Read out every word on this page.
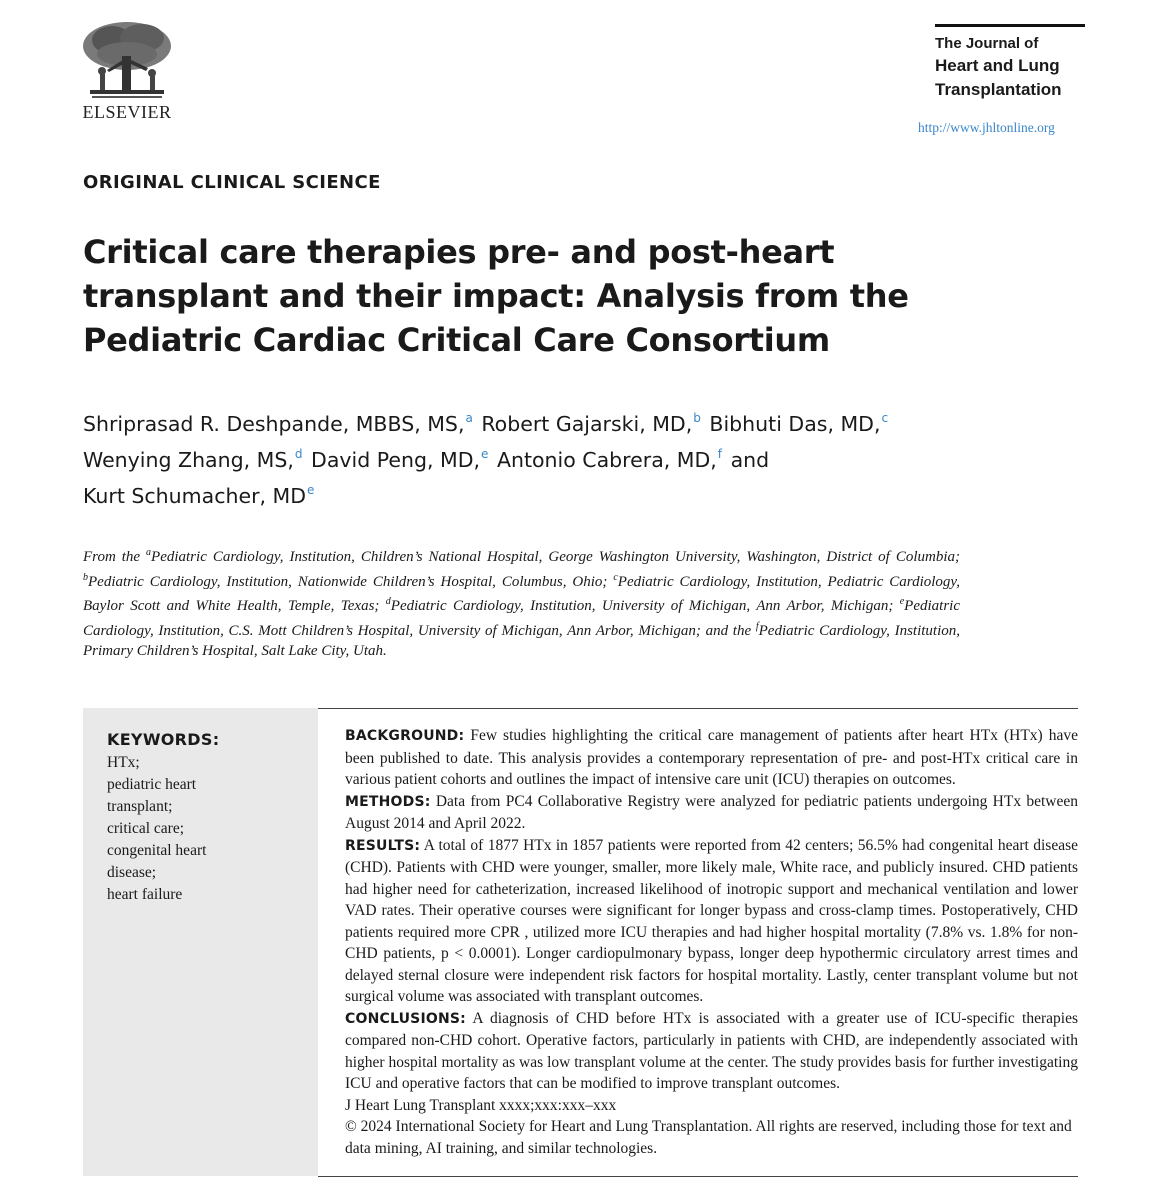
ELSEVIER
The Journal of
Heart and Lung
Transplantation
http://www.jhltonline.org
ORIGINAL CLINICAL SCIENCE
Critical care therapies pre- and post-heart
transplant and their impact: Analysis from the
Pediatric Cardiac Critical Care Consortium
Shriprasad R. Deshpande, MBBS, MS,$^a$ Robert Gajarski, MD,$^b$ Bibhuti Das, MD,$^c$
Wenying Zhang, MS,$^d$ David Peng, MD,$^e$ Antonio Cabrera, MD,$^f$ and
Kurt Schumacher, MDe
From the $^a$Pediatric Cardiology, Institution, Children’s National Hospital, George Washington University, Washington, District of Columbia; $^b$Pediatric Cardiology, Institution, Nationwide Children’s Hospital, Columbus, Ohio; $^c$Pediatric Cardiology, Institution, Pediatric Cardiology, Baylor Scott and White Health, Temple, Texas; $^d$Pediatric Cardiology, Institution, University of Michigan, Ann Arbor, Michigan; $^e$Pediatric Cardiology, Institution, C.S. Mott Children’s Hospital, University of Michigan, Ann Arbor, Michigan; and the $^f$Pediatric Cardiology, Institution, Primary Children’s Hospital, Salt Lake City, Utah.
KEYWORDS:
HTx;
pediatric heart
transplant;
critical care;
congenital heart
disease;
heart failure
BACKGROUND: Few studies highlighting the critical care management of patients after heart HTx (HTx) have been published to date. This analysis provides a contemporary representation of pre- and post-HTx critical care in various patient cohorts and outlines the impact of intensive care unit (ICU) therapies on outcomes.
METHODS: Data from PC4 Collaborative Registry were analyzed for pediatric patients undergoing HTx between August 2014 and April 2022.
RESULTS: A total of 1877 HTx in 1857 patients were reported from 42 centers; 56.5% had congenital heart disease (CHD). Patients with CHD were younger, smaller, more likely male, White race, and publicly insured. CHD patients had higher need for catheterization, increased likelihood of inotropic support and mechanical ventilation and lower VAD rates. Their operative courses were significant for longer bypass and cross-clamp times. Postoperatively, CHD patients required more CPR , utilized more ICU therapies and had higher hospital mortality (7.8% vs. 1.8% for non-CHD patients, p < 0.0001). Longer cardiopulmonary bypass, longer deep hypothermic circulatory arrest times and delayed sternal closure were independent risk factors for hospital mortality. Lastly, center transplant volume but not surgical volume was associated with transplant outcomes.
CONCLUSIONS: A diagnosis of CHD before HTx is associated with a greater use of ICU-specific therapies compared non-CHD cohort. Operative factors, particularly in patients with CHD, are independently associated with higher hospital mortality as was low transplant volume at the center. The study provides basis for further investigating ICU and operative factors that can be modified to improve transplant outcomes.
J Heart Lung Transplant xxxx;xxx:xxx–xxx
© 2024 International Society for Heart and Lung Transplantation. All rights are reserved, including those for text and data mining, AI training, and similar technologies.
